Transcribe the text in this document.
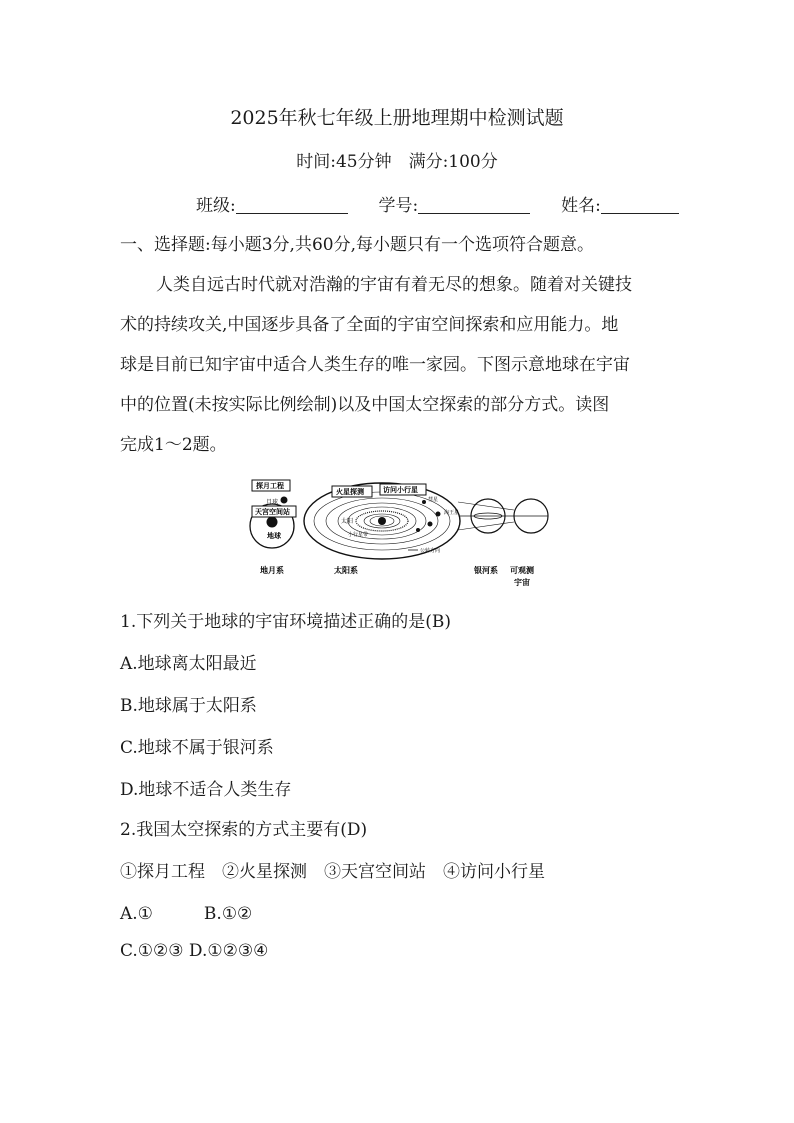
2025年秋七年级上册地理期中检测试题
时间:45分钟　满分:100分
班级:	学号:	姓名:
一、选择题:每小题3分,共60分,每小题只有一个选项符合题意。
人类自远古时代就对浩瀚的宇宙有着无尽的想象。随着对关键技
术的持续攻关,中国逐步具备了全面的宇宙空间探索和应用能力。地
球是目前已知宇宙中适合人类生存的唯一家园。下图示意地球在宇宙
中的位置(未按实际比例绘制)以及中国太空探索的部分方式。读图
完成1～2题。
月球
地球
探月工程
天宫空间站
太阳
彗星
海王星
小行星带
公转方向
火星探测	访问小行星
地月系	太阳系	银河系 可观测
宇宙
1.下列关于地球的宇宙环境描述正确的是(B)
A.地球离太阳最近
B.地球属于太阳系
C.地球不属于银河系
D.地球不适合人类生存
2.我国太空探索的方式主要有(D)
①探月工程　②火星探测　③天宫空间站　④访问小行星
A.①　　　B.①②
C.①②③ D.①②③④
